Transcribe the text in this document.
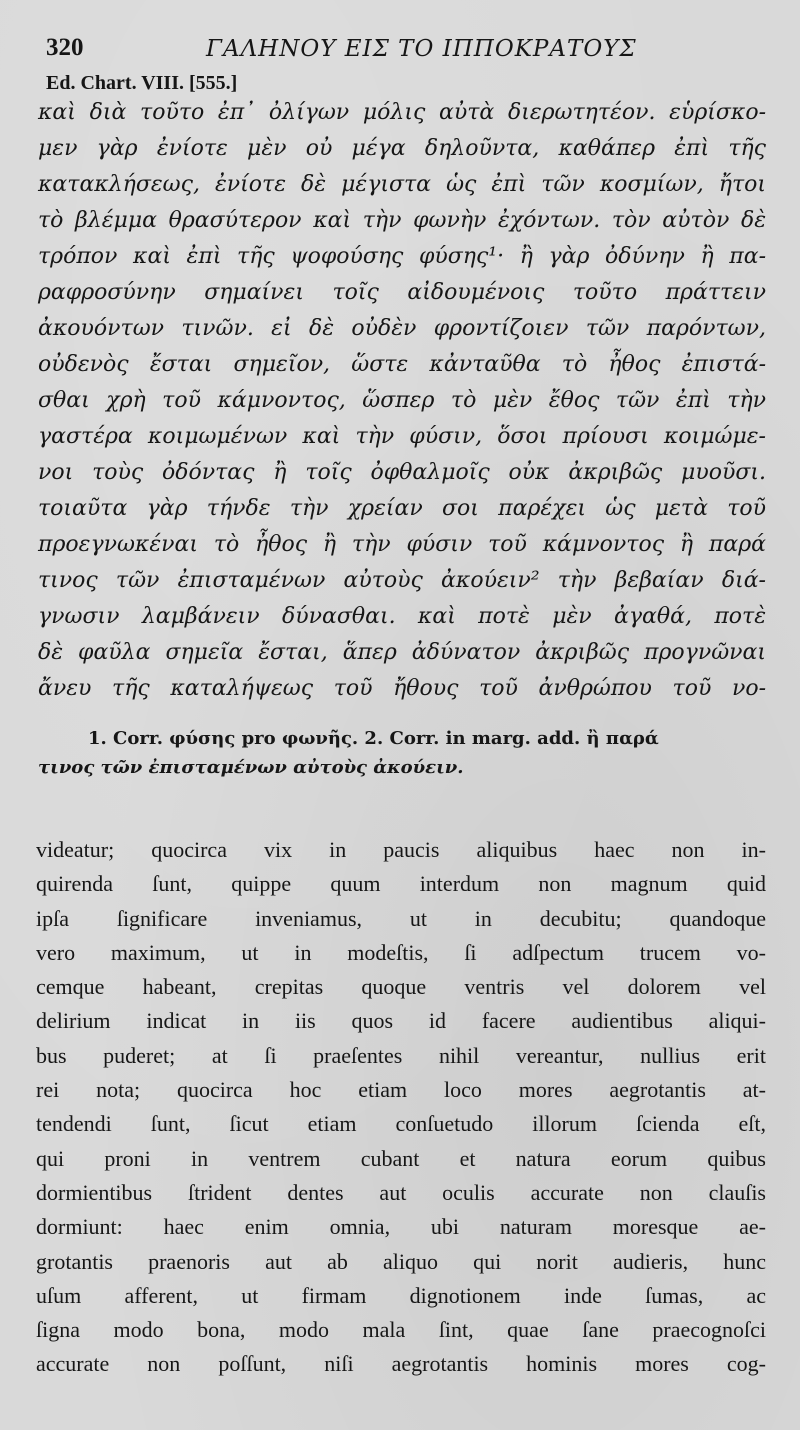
320	ΓΑΛΗΝΟΥ ΕΙΣ ΤΟ ΙΠΠΟΚΡΑΤΟΥΣ
Ed. Chart. VIII. [555.]
καὶ διὰ τοῦτο ἐπ᾽ ὀλίγων μόλις αὐτὰ διερωτητέον. εὑρίσκο-
μεν γὰρ ἐνίοτε μὲν οὐ μέγα δηλοῦντα, καθάπερ ἐπὶ τῆς
κατακλήσεως, ἐνίοτε δὲ μέγιστα ὡς ἐπὶ τῶν κοσμίων, ἤτοι
τὸ βλέμμα θρασύτερον καὶ τὴν φωνὴν ἐχόντων. τὸν αὐτὸν δὲ
τρόπον καὶ ἐπὶ τῆς ψοφούσης φύσης¹· ἢ γὰρ ὀδύνην ἢ πα-
ραφροσύνην σημαίνει τοῖς αἰδουμένοις τοῦτο πράττειν
ἀκουόντων τινῶν. εἰ δὲ οὐδὲν φροντίζοιεν τῶν παρόντων,
οὐδενὸς ἔσται σημεῖον, ὥστε κἀνταῦθα τὸ ἦθος ἐπιστά-
σθαι χρὴ τοῦ κάμνοντος, ὥσπερ τὸ μὲν ἔθος τῶν ἐπὶ τὴν
γαστέρα κοιμωμένων καὶ τὴν φύσιν, ὅσοι πρίουσι κοιμώμε-
νοι τοὺς ὀδόντας ἢ τοῖς ὀφθαλμοῖς οὐκ ἀκριβῶς μυοῦσι.
τοιαῦτα γὰρ τήνδε τὴν χρείαν σοι παρέχει ὡς μετὰ τοῦ
προεγνωκέναι τὸ ἦθος ἢ τὴν φύσιν τοῦ κάμνοντος ἢ παρά
τινος τῶν ἐπισταμένων αὐτοὺς ἀκούειν² τὴν βεβαίαν διά-
γνωσιν λαμβάνειν δύνασθαι. καὶ ποτὲ μὲν ἀγαθά, ποτὲ
δὲ φαῦλα σημεῖα ἔσται, ἅπερ ἀδύνατον ἀκριβῶς προγνῶναι
ἄνευ τῆς καταλήψεως τοῦ ἤθους τοῦ ἀνθρώπου τοῦ νο-
1. Corr. φύσης pro φωνῆς. 2. Corr. in marg. add. ἢ παρά
τινος τῶν ἐπισταμένων αὐτοὺς ἀκούειν.
videatur; quocirca vix in paucis aliquibus haec non in-
quirenda ſunt, quippe quum interdum non magnum quid
ipſa ſignificare inveniamus, ut in decubitu; quandoque
vero maximum, ut in modeſtis, ſi adſpectum trucem vo-
cemque habeant, crepitas quoque ventris vel dolorem vel
delirium indicat in iis quos id facere audientibus aliqui-
bus puderet; at ſi praeſentes nihil vereantur, nullius erit
rei nota; quocirca hoc etiam loco mores aegrotantis at-
tendendi ſunt, ſicut etiam conſuetudo illorum ſcienda eſt,
qui proni in ventrem cubant et natura eorum quibus
dormientibus ſtrident dentes aut oculis accurate non clauſis
dormiunt: haec enim omnia, ubi naturam moresque ae-
grotantis praenoris aut ab aliquo qui norit audieris, hunc
uſum afferent, ut firmam dignotionem inde ſumas, ac
ſigna modo bona, modo mala ſint, quae ſane praecognoſci
accurate non poſſunt, niſi aegrotantis hominis mores cog-
